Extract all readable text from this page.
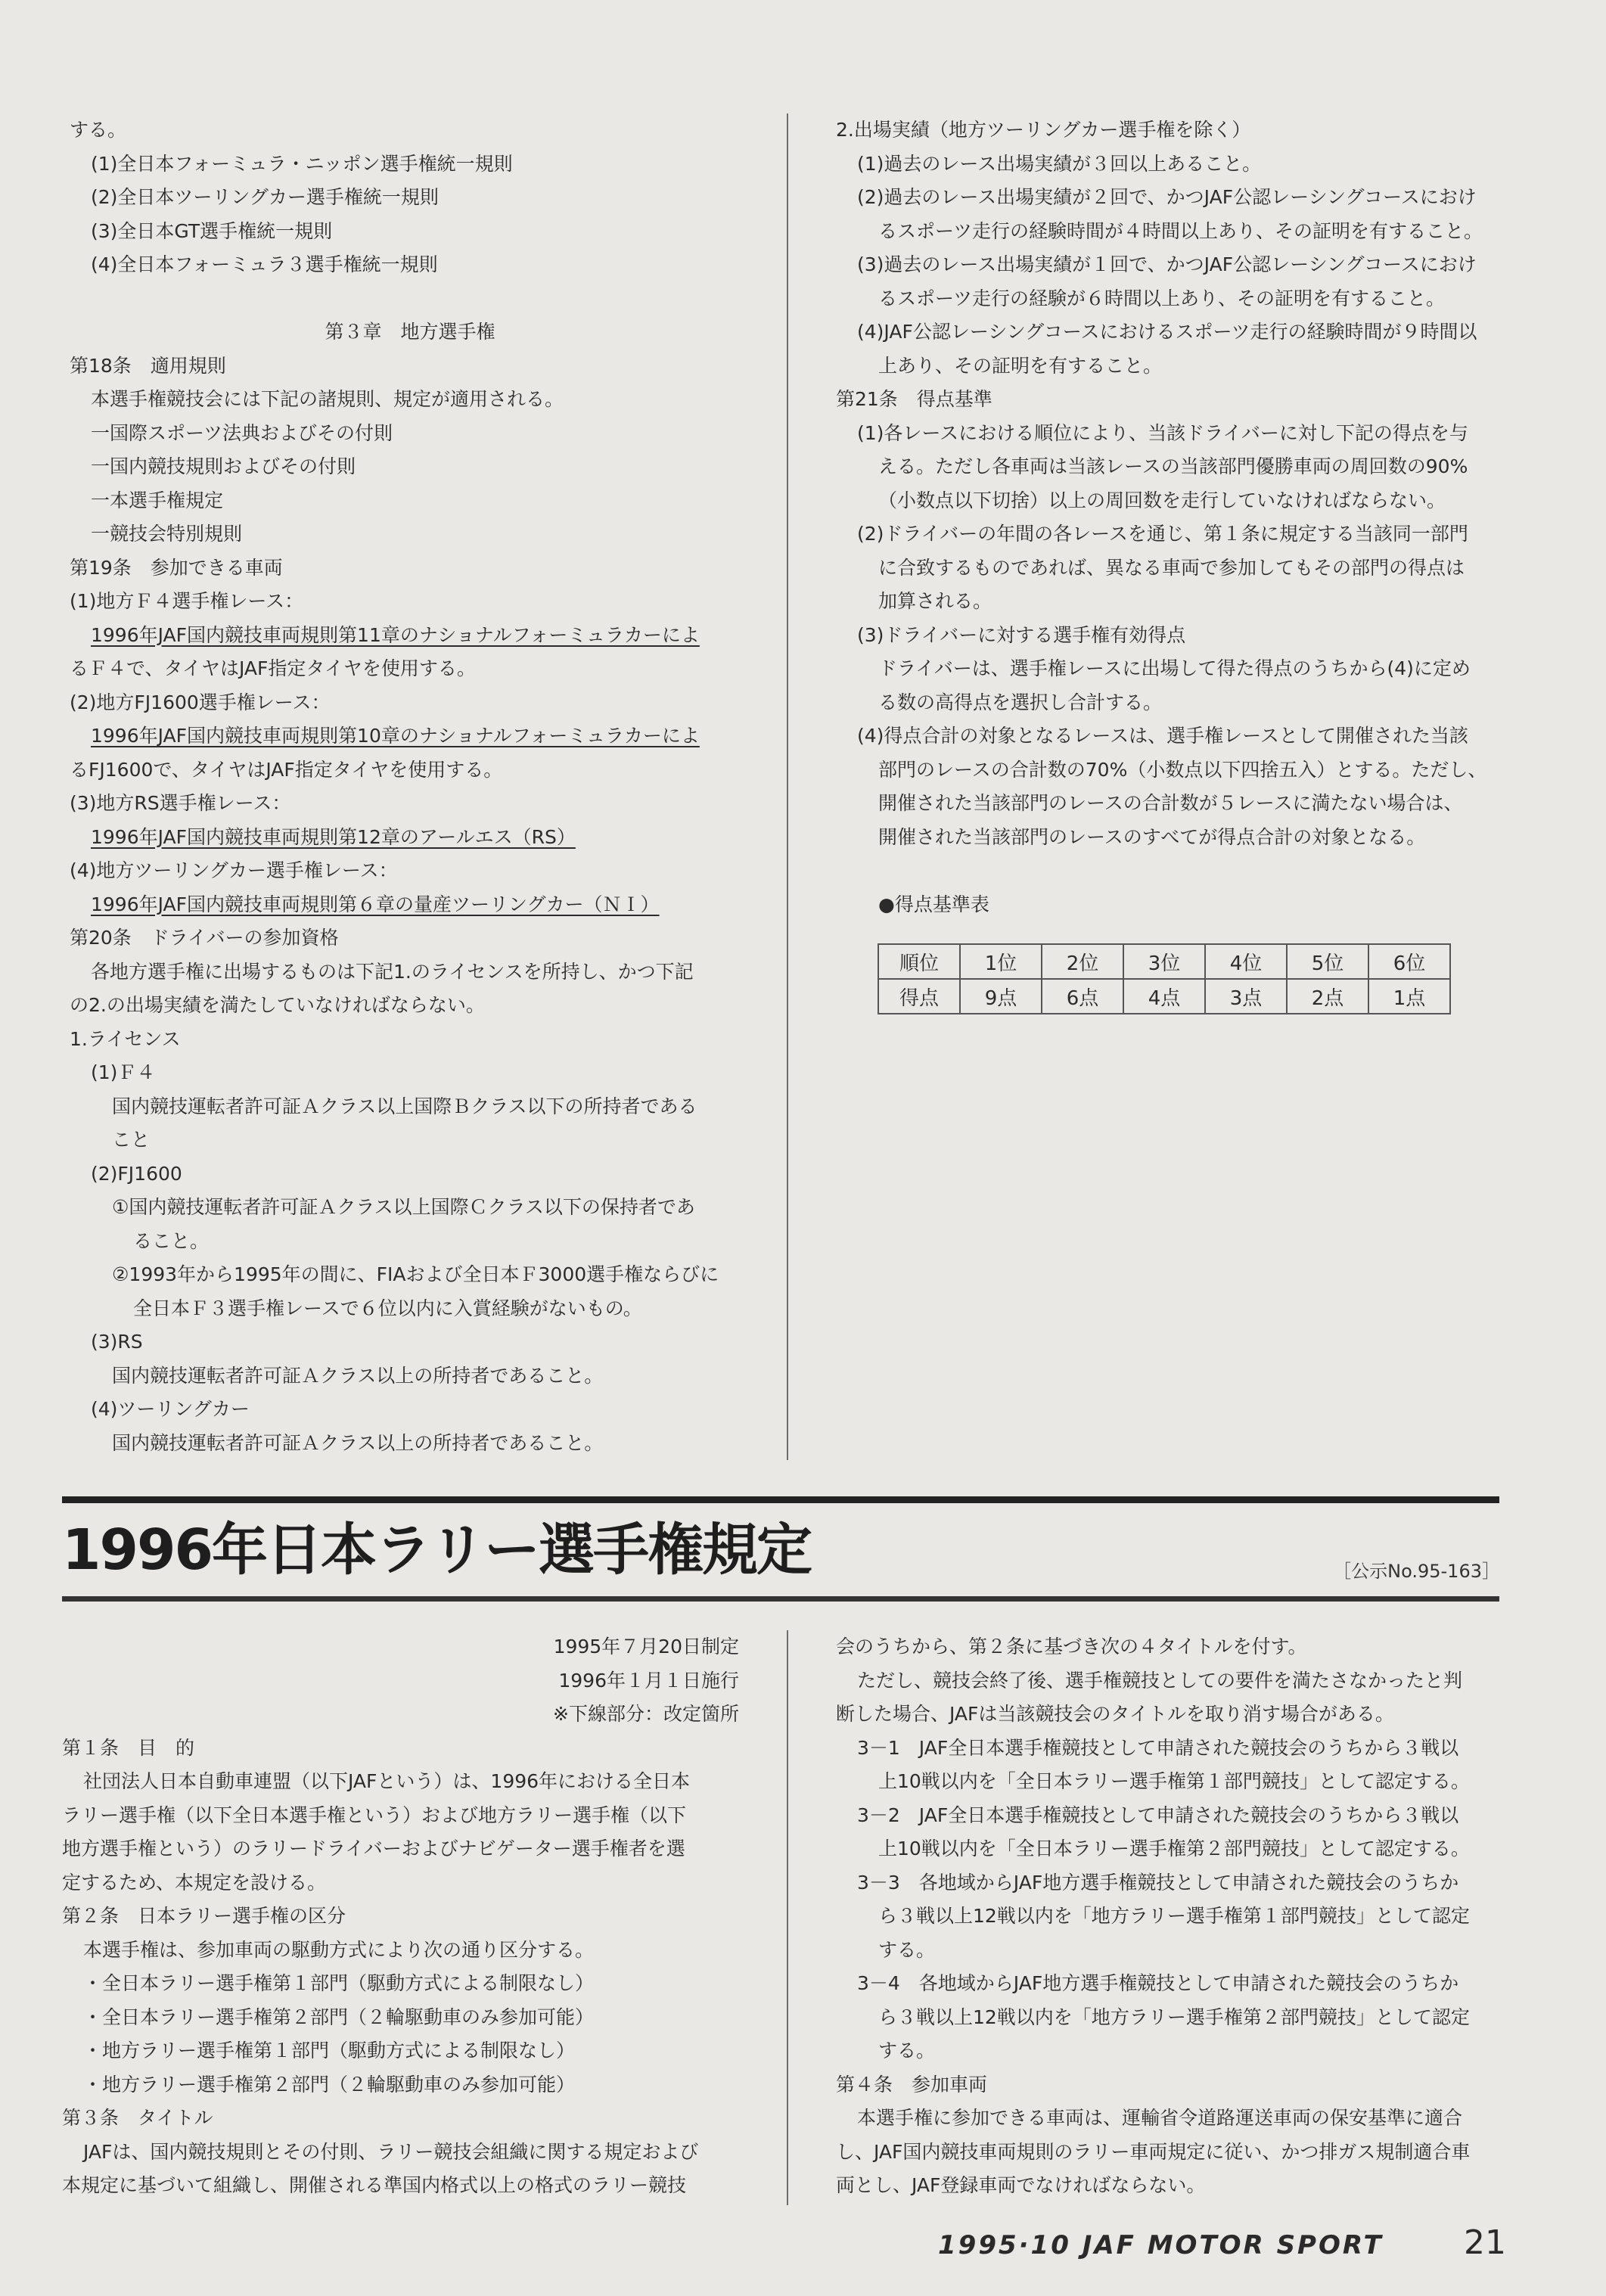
する。
(1)全日本フォーミュラ・ニッポン選手権統一規則
(2)全日本ツーリングカー選手権統一規則
(3)全日本GT選手権統一規則
(4)全日本フォーミュラ３選手権統一規則
第３章　地方選手権
第18条　適用規則
本選手権競技会には下記の諸規則、規定が適用される。
一国際スポーツ法典およびその付則
一国内競技規則およびその付則
一本選手権規定
一競技会特別規則
第19条　参加できる車両
(1)地方Ｆ４選手権レース：
1996年JAF国内競技車両規則第11章のナショナルフォーミュラカーによ
るＦ４で、タイヤはJAF指定タイヤを使用する。
(2)地方FJ1600選手権レース：
1996年JAF国内競技車両規則第10章のナショナルフォーミュラカーによ
るFJ1600で、タイヤはJAF指定タイヤを使用する。
(3)地方RS選手権レース：
1996年JAF国内競技車両規則第12章のアールエス（RS）
(4)地方ツーリングカー選手権レース：
1996年JAF国内競技車両規則第６章の量産ツーリングカー（ＮＩ）
第20条　ドライバーの参加資格
各地方選手権に出場するものは下記1.のライセンスを所持し、かつ下記
の2.の出場実績を満たしていなければならない。
1.ライセンス
(1)Ｆ４
国内競技運転者許可証Ａクラス以上国際Ｂクラス以下の所持者である
こと
(2)FJ1600
①国内競技運転者許可証Ａクラス以上国際Ｃクラス以下の保持者であ
ること。
②1993年から1995年の間に、FIAおよび全日本Ｆ3000選手権ならびに
全日本Ｆ３選手権レースで６位以内に入賞経験がないもの。
(3)RS
国内競技運転者許可証Ａクラス以上の所持者であること。
(4)ツーリングカー
国内競技運転者許可証Ａクラス以上の所持者であること。
2.出場実績（地方ツーリングカー選手権を除く）
(1)過去のレース出場実績が３回以上あること。
(2)過去のレース出場実績が２回で、かつJAF公認レーシングコースにおけ
るスポーツ走行の経験時間が４時間以上あり、その証明を有すること。
(3)過去のレース出場実績が１回で、かつJAF公認レーシングコースにおけ
るスポーツ走行の経験が６時間以上あり、その証明を有すること。
(4)JAF公認レーシングコースにおけるスポーツ走行の経験時間が９時間以
上あり、その証明を有すること。
第21条　得点基準
(1)各レースにおける順位により、当該ドライバーに対し下記の得点を与
える。ただし各車両は当該レースの当該部門優勝車両の周回数の90%
（小数点以下切捨）以上の周回数を走行していなければならない。
(2)ドライバーの年間の各レースを通じ、第１条に規定する当該同一部門
に合致するものであれば、異なる車両で参加してもその部門の得点は
加算される。
(3)ドライバーに対する選手権有効得点
ドライバーは、選手権レースに出場して得た得点のうちから(4)に定め
る数の高得点を選択し合計する。
(4)得点合計の対象となるレースは、選手権レースとして開催された当該
部門のレースの合計数の70%（小数点以下四捨五入）とする。ただし、
開催された当該部門のレースの合計数が５レースに満たない場合は、
開催された当該部門のレースのすべてが得点合計の対象となる。
●得点基準表
順位	1位	2位	3位	4位	5位	6位
得点	9点	6点	4点	3点	2点	1点
1996年日本ラリー選手権規定	［公示No.95-163］
1995年７月20日制定
1996年１月１日施行
※下線部分：改定箇所
第１条　目　的
社団法人日本自動車連盟（以下JAFという）は、1996年における全日本
ラリー選手権（以下全日本選手権という）および地方ラリー選手権（以下
地方選手権という）のラリードライバーおよびナビゲーター選手権者を選
定するため、本規定を設ける。
第２条　日本ラリー選手権の区分
本選手権は、参加車両の駆動方式により次の通り区分する。
・全日本ラリー選手権第１部門（駆動方式による制限なし）
・全日本ラリー選手権第２部門（２輪駆動車のみ参加可能）
・地方ラリー選手権第１部門（駆動方式による制限なし）
・地方ラリー選手権第２部門（２輪駆動車のみ参加可能）
第３条　タイトル
JAFは、国内競技規則とその付則、ラリー競技会組織に関する規定および
本規定に基づいて組織し、開催される準国内格式以上の格式のラリー競技
会のうちから、第２条に基づき次の４タイトルを付す。
ただし、競技会終了後、選手権競技としての要件を満たさなかったと判
断した場合、JAFは当該競技会のタイトルを取り消す場合がある。
3－1　JAF全日本選手権競技として申請された競技会のうちから３戦以
上10戦以内を「全日本ラリー選手権第１部門競技」として認定する。
3－2　JAF全日本選手権競技として申請された競技会のうちから３戦以
上10戦以内を「全日本ラリー選手権第２部門競技」として認定する。
3－3　各地域からJAF地方選手権競技として申請された競技会のうちか
ら３戦以上12戦以内を「地方ラリー選手権第１部門競技」として認定
する。
3－4　各地域からJAF地方選手権競技として申請された競技会のうちか
ら３戦以上12戦以内を「地方ラリー選手権第２部門競技」として認定
する。
第４条　参加車両
本選手権に参加できる車両は、運輸省令道路運送車両の保安基準に適合
し、JAF国内競技車両規則のラリー車両規定に従い、かつ排ガス規制適合車
両とし、JAF登録車両でなければならない。
1995·10 JAF MOTOR SPORT 21
